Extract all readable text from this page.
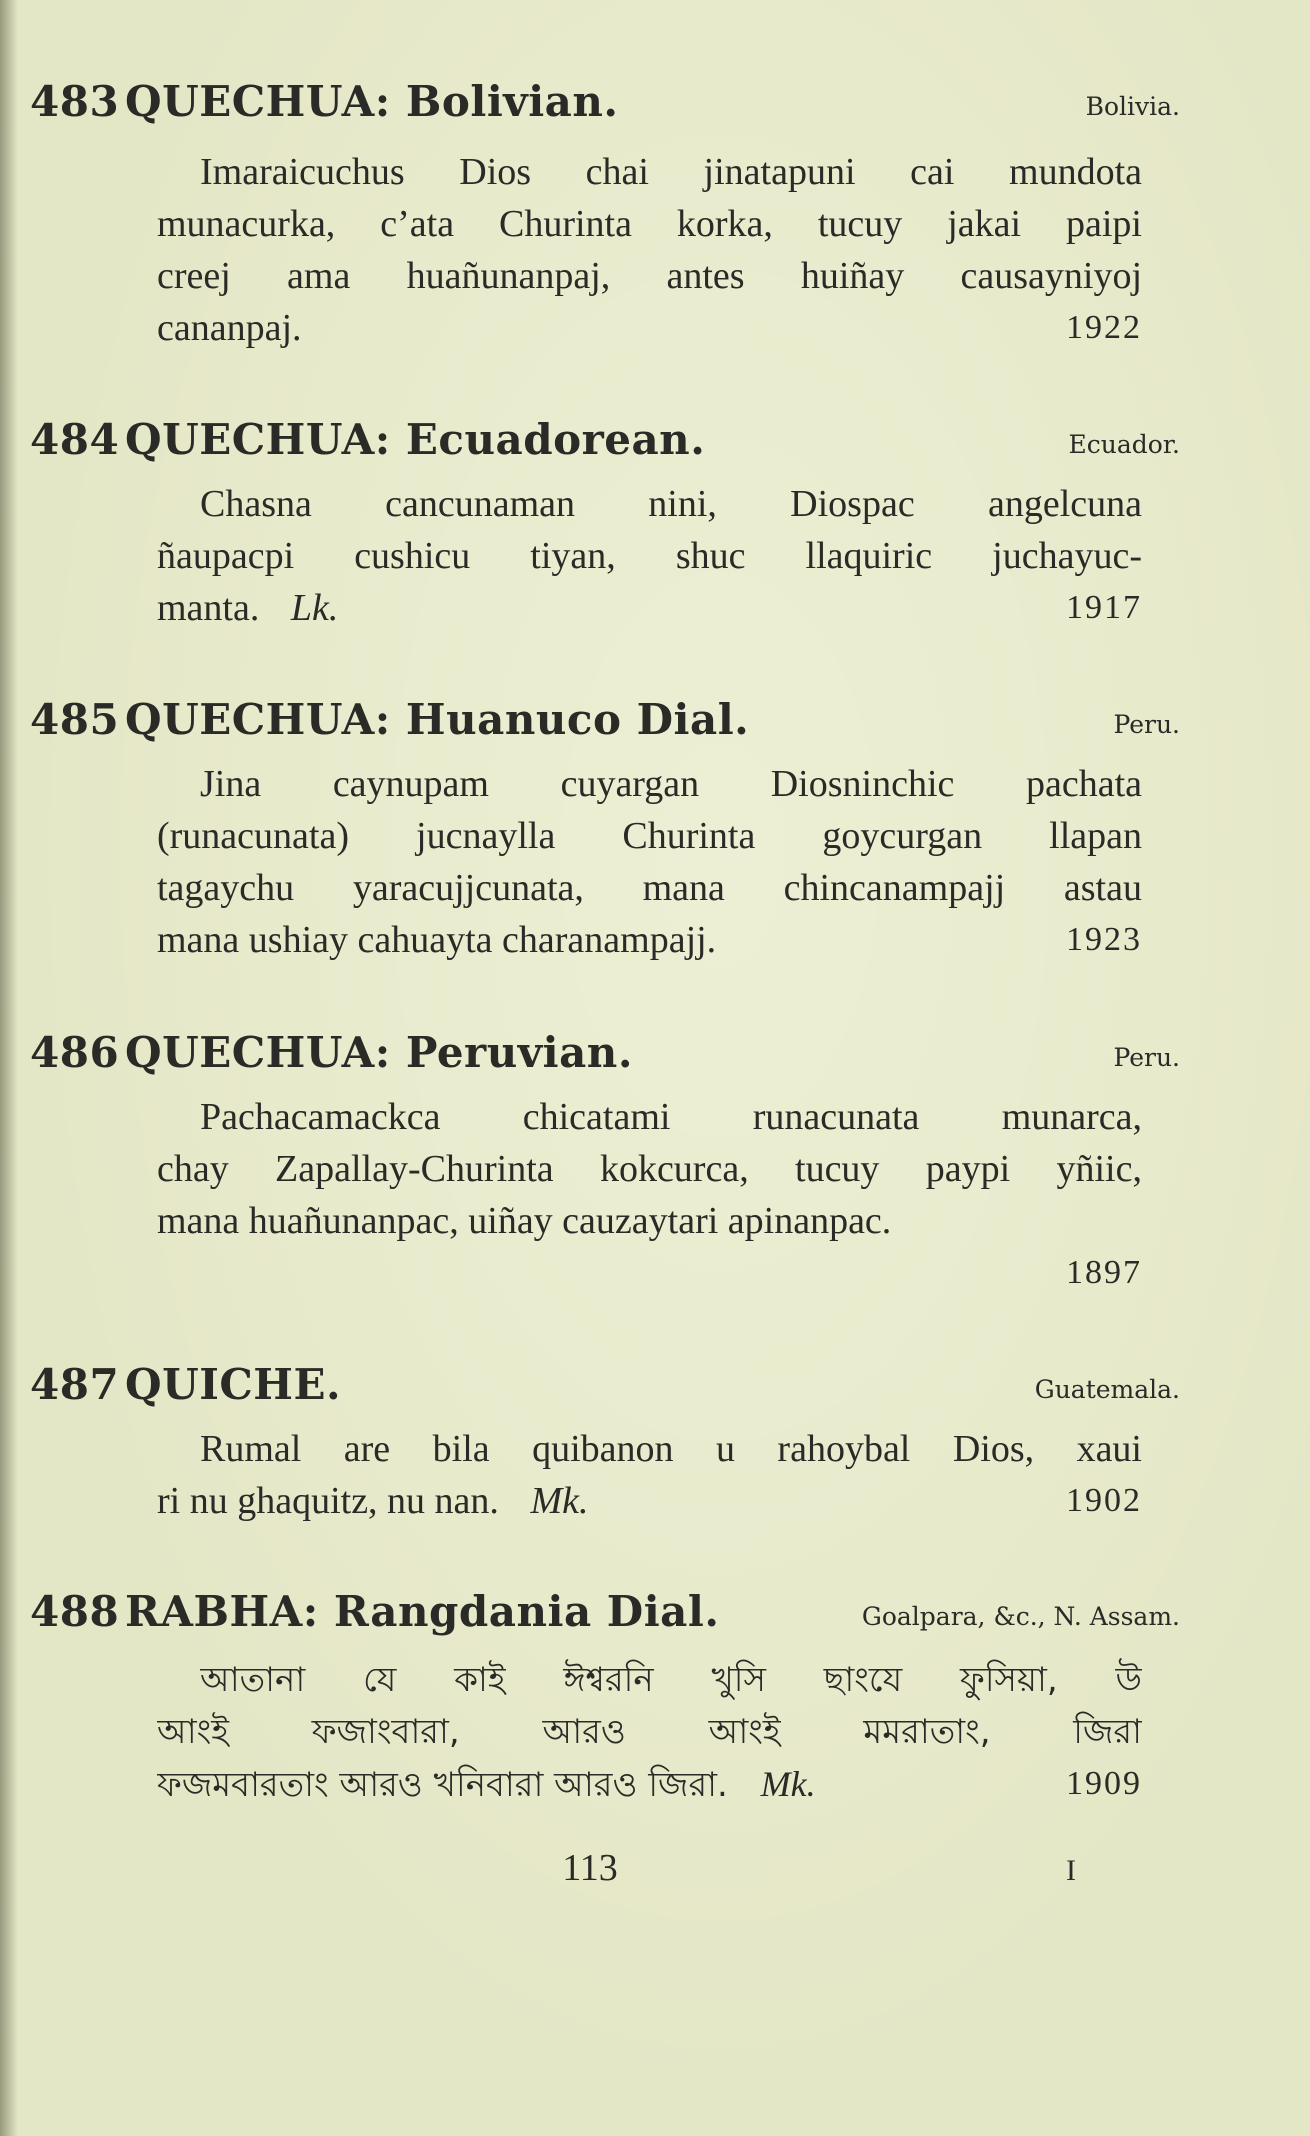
483 QUECHUA: Bolivian.	Bolivia.
Imaraicuchus Dios chai jinatapuni cai mundota
munacurka, c’ata Churinta korka, tucuy jakai paipi
creej ama huañunanpaj, antes huiñay causayniyoj
cananpaj.	1922
484 QUECHUA: Ecuadorean.	Ecuador.
Chasna cancunaman nini, Diospac angelcuna
ñaupacpi cushicu tiyan, shuc llaquiric juchayuc-
manta. Lk.	1917
485 QUECHUA: Huanuco Dial.	Peru.
Jina caynupam cuyargan Diosninchic pachata
(runacunata) jucnaylla Churinta goycurgan llapan
tagaychu yaracujjcunata, mana chincanampajj astau
mana ushiay cahuayta charanampajj.	1923
486 QUECHUA: Peruvian.	Peru.
Pachacamackca chicatami runacunata munarca,
chay Zapallay-Churinta kokcurca, tucuy paypi yñiic,
mana huañunanpac, uiñay cauzaytari apinanpac.
1897
487 QUICHE.	Guatemala.
Rumal are bila quibanon u rahoybal Dios, xaui
ri nu ghaquitz, nu nan. Mk.	1902
488 RABHA: Rangdania Dial.	Goalpara, &c., N. Assam.
আতানা যে কাই ঈশ্বরনি খুসি ছাংযে ফুসিয়া, উ
আংই ফজাংবারা, আরও আংই মমরাতাং, জিরা
ফজমবারতাং আরও খনিবারা আরও জিরা. Mk.	1909
113	I
